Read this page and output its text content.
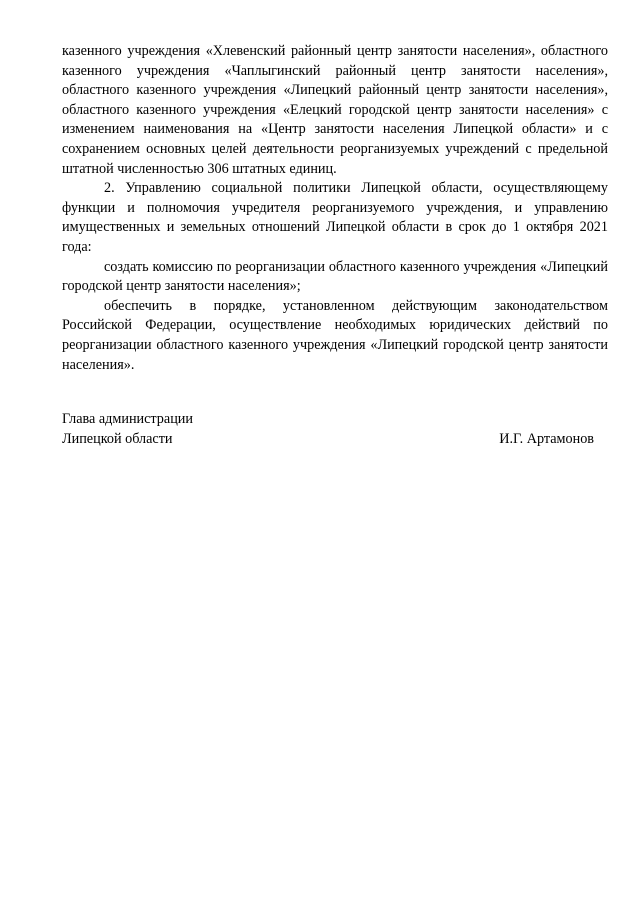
казенного учреждения «Хлевенский районный центр занятости населения», областного казенного учреждения «Чаплыгинский районный центр занятости населения», областного казенного учреждения «Липецкий районный центр занятости населения», областного казенного учреждения «Елецкий городской центр занятости населения» с изменением наименования на «Центр занятости населения Липецкой области» и с сохранением основных целей деятельности реорганизуемых учреждений с предельной штатной численностью 306 штатных единиц.

2. Управлению социальной политики Липецкой области, осуществляющему функции и полномочия учредителя реорганизуемого учреждения, и управлению имущественных и земельных отношений Липецкой области в срок до 1 октября 2021 года:

создать комиссию по реорганизации областного казенного учреждения «Липецкий городской центр занятости населения»;

обеспечить в порядке, установленном действующим законодательством Российской Федерации, осуществление необходимых юридических действий по реорганизации областного казенного учреждения «Липецкий городской центр занятости населения».

Глава администрации
Липецкой области	И.Г. Артамонов
